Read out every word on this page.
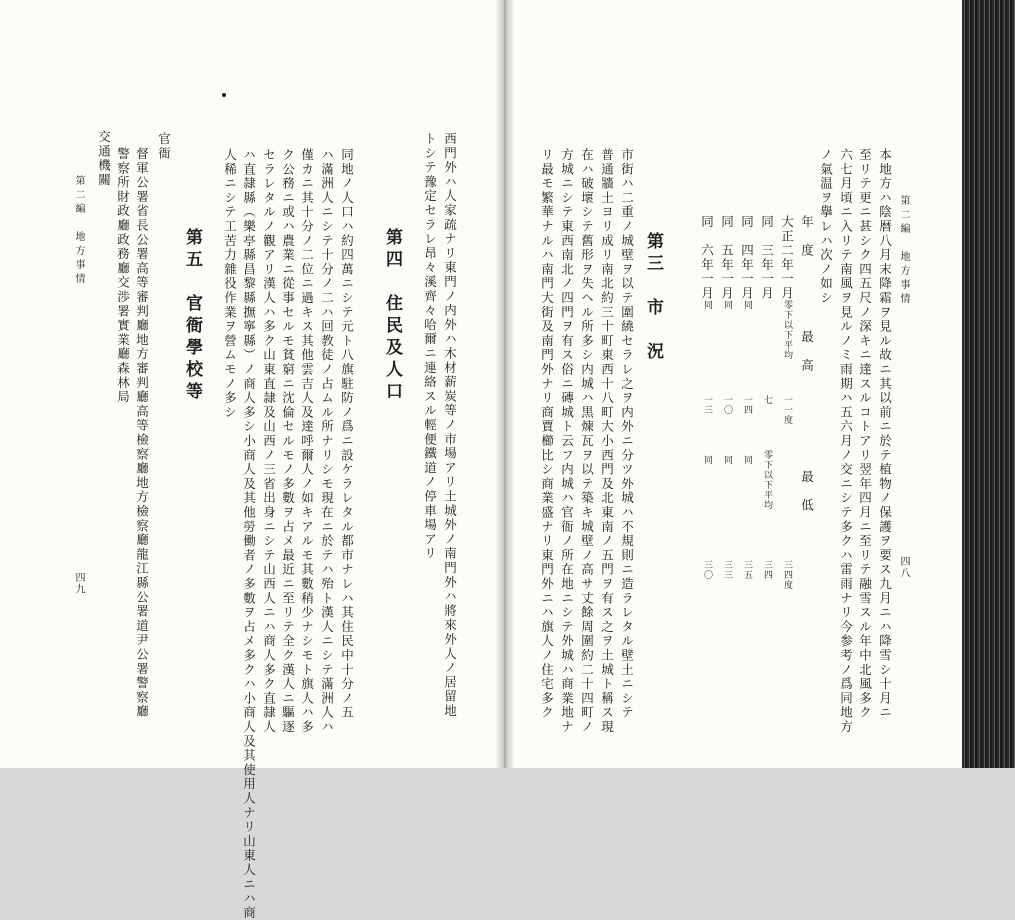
第二編　地方事情
四九
交通機關 警察所財政廳政務廳交渉署實業廳森林局 督軍公署省長公署高等審判廳地方審判廳高等檢察廳地方檢察廳龍江縣公署道尹公署警察廳
官衙
第五　官衙學校等 人稀ニシテ工苦力雜役作業ヲ營ムモノ多シ ハ直隷縣（樂亭縣昌黎縣撫寧縣）ノ商人多シ小商人及其他勞働者ノ多數ヲ占メ多クハ小商人及其使用人ナリ山東人ニハ商 セラレタルノ觀アリ漢人ハ多ク山東直隷及山西ノ三省出身ニシテ山西人ニハ商人多ク直隷人 ク公務ニ或ハ農業ニ從事セルモ貧窮ニ沈倫セルモノ多數ヲ占メ最近ニ至リテ全ク漢人ニ驅逐 僅カニ其十分ノ二位ニ過キス其他雲吉人及達呼爾人ノ如キアルモ其數稍少ナシモト旗人ハ多 ハ滿洲人ニシテ十分ノ二ハ回教徒ノ占ムル所ナリシモ現在ニ於テハ殆ト漢人ニシテ滿洲人ハ 同地ノ人口ハ約四萬ニシテ元ト八旗駐防ノ爲ニ設ケラレタル都市ナレハ其住民中十分ノ五 第四　住民及人口 トシテ豫定セラレ昂々溪齊々哈爾ニ連絡スル輕便鐵道ノ停車場アリ 西門外ハ人家疏ナリ東門ノ内外ハ木材薪炭等ノ市場アリ土城外ノ南門外ハ將來外人ノ居留地	第二編　地方事情
四八
本地方ハ陰暦八月末降霜ヲ見ル故ニ其以前ニ於テ植物ノ保護ヲ要ス九月ニハ降雪シ十月ニ
至リテ更ニ甚シク四五尺ノ深キニ達スルコトアリ翌年四月ニ至リテ融雪スル年中北風多ク
六七月頃ニ入リテ南風ヲ見ルノミ雨期ハ五六月ノ交ニシテ多クハ雷雨ナリ今参考ノ爲同地方
ノ氣温ヲ擧レハ次ノ如シ
年　度
最　高
最　低
大正二年一月
零下以下平均
一一度
三四度
同　三年一月
七
零下以下平均
三四
同　四年一月
同
一四
同
三五
同　五年一月
同
一〇
同
三三
同　六年一月
同
一三
同
三〇
第三　市　況
市街ハ二重ノ城壁ヲ以テ圍繞セラレ之ヲ内外ニ分ツ外城ハ不規則ニ造ラレタル壁土ニシテ
普通牆土ヨリ成リ南北約三十町東西十八町大小西門及北東南ノ五門ヲ有ス之ヲ土城ト稱ス現
在ハ破壞シテ舊形ヲ失ヘル所多シ内城ハ黒煉瓦ヲ以テ築キ城壁ノ高サ丈餘周圍約二十四町ノ
方城ニシテ東西南北ノ四門ヲ有ス俗ニ磚城ト云フ内城ハ官衙ノ所在地ニシテ外城ハ商業地ナ
リ最モ繁華ナルハ南門大街及南門外ナリ商賈櫛比シ商業盛ナリ東門外ニハ旗人ノ住宅多ク
